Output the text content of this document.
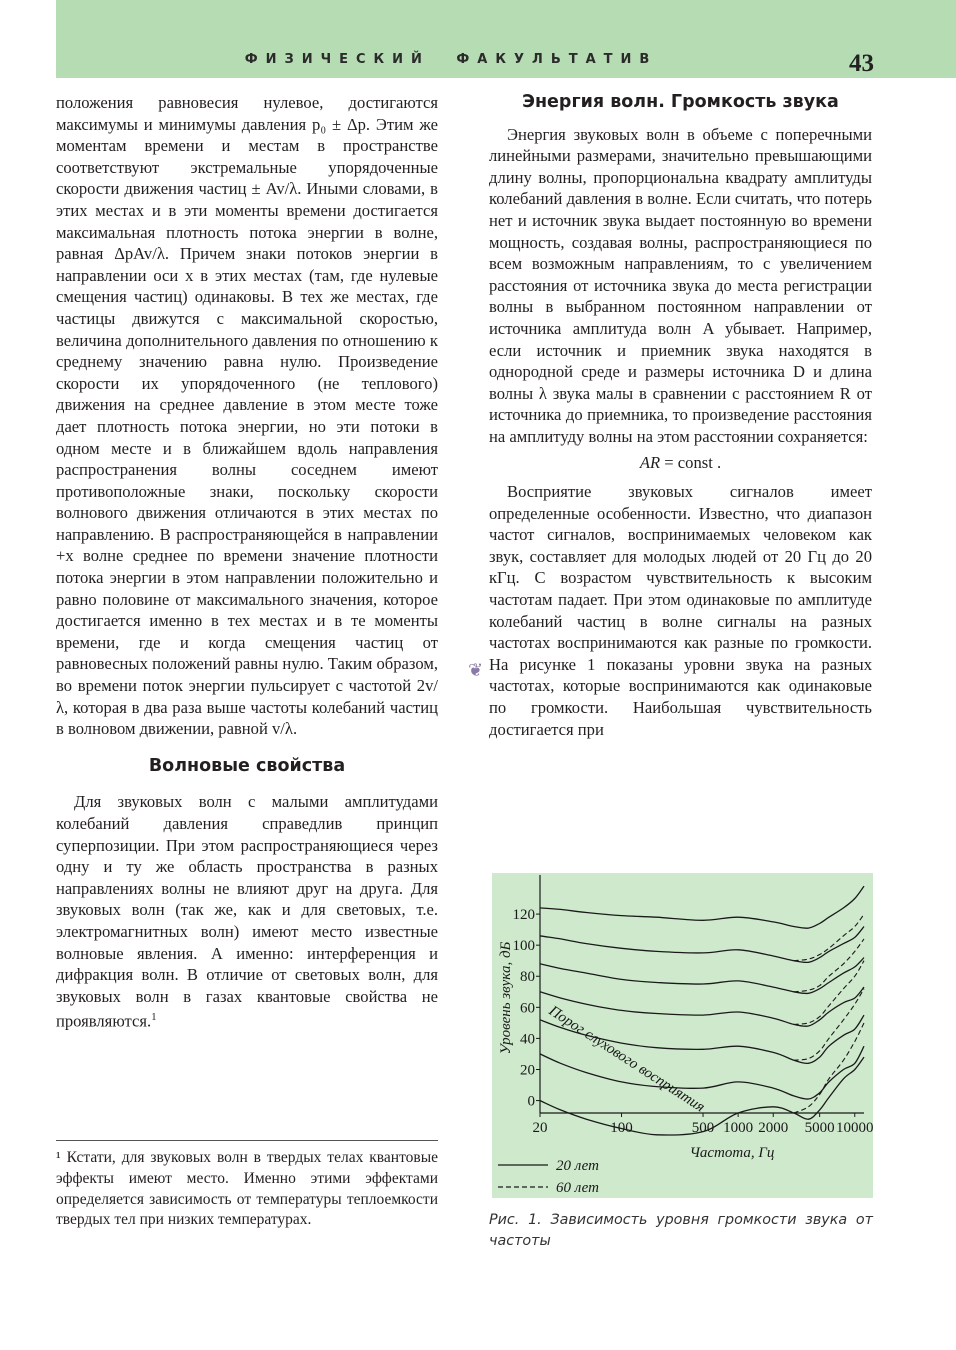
ФИЗИЧЕСКИЙ ФАКУЛЬТАТИВ	43

положения равновесия нулевое, достигаются максимумы и минимумы давления p₀ ± Δp. Этим же моментам времени и местам в пространстве соответствуют экстремальные упорядоченные скорости движения частиц ± Av/λ. Иными словами, в этих местах и в эти моменты времени достигается максимальная плотность потока энергии в волне, равная ΔpAv/λ. Причем знаки потоков энергии в направлении оси x в этих местах (там, где нулевые смещения частиц) одинаковы. В тех же местах, где частицы движутся с максимальной скоростью, величина дополнительного давления по отношению к среднему значению равна нулю. Произведение скорости их упорядоченного (не теплового) движения на среднее давление в этом месте тоже дает плотность потока энергии, но эти потоки в одном месте и в ближайшем вдоль направления распространения волны соседнем имеют противоположные знаки, поскольку скорости волнового движения отличаются в этих местах по направлению. В распространяющейся в направлении +x волне среднее по времени значение плотности потока энергии в этом направлении положительно и равно половине от максимального значения, которое достигается именно в тех местах и в те моменты времени, где и когда смещения частиц от равновесных положений равны нулю. Таким образом, во времени поток энергии пульсирует с частотой 2v/λ, которая в два раза выше частоты колебаний частиц в волновом движении, равной v/λ.

Волновые свойства

Для звуковых волн с малыми амплитудами колебаний давления справедлив принцип суперпозиции. При этом распространяющиеся через одну и ту же область пространства в разных направлениях волны не влияют друг на друга. Для звуковых волн (так же, как и для световых, т.е. электромагнитных волн) имеют место известные волновые явления. А именно: интерференция и дифракция волн. В отличие от световых волн, для звуковых волн в газах квантовые свойства не проявляются.$^1$

¹ Кстати, для звуковых волн в твердых телах квантовые эффекты имеют место. Именно этими эффектами определяется зависимость от температуры теплоемкости твердых тел при низких температурах.

Энергия волн. Громкость звука

Энергия звуковых волн в объеме с поперечными линейными размерами, значительно превышающими длину волны, пропорциональна квадрату амплитуды колебаний давления в волне. Если считать, что потерь нет и источник звука выдает постоянную во времени мощность, создавая волны, распространяющиеся по всем возможным направлениям, то с увеличением расстояния от источника звука до места регистрации волны в выбранном постоянном направлении от источника амплитуда волн A убывает. Например, если источник и приемник звука находятся в однородной среде и размеры источника D и длина волны λ звука малы в сравнении с расстоянием R от источника до приемника, то произведение расстояния на амплитуду волны на этом расстоянии сохраняется:

AR = const .

Восприятие звуковых сигналов имеет определенные особенности. Известно, что диапазон частот сигналов, воспринимаемых человеком как звук, составляет для молодых людей от 20 Гц до 20 кГц. С возрастом чувствительность к высоким частотам падает. При этом одинаковые по амплитуде колебаний частиц в волне сигналы на разных частотах воспринимаются как разные по громкости. На рисунке 1 показаны уровни звука на разных частотах, которые воспринимаются как одинаковые по громкости. Наибольшая чувствительность достигается при

❦
0
20
40
60
80
100
120
20	100	500 1000 2000 5000 10000
Частота, Гц
Уровень звука, дБ
Порог слухового восприятия
20 лет
60 лет
Рис. 1. Зависимость уровня громкости звука от частоты
